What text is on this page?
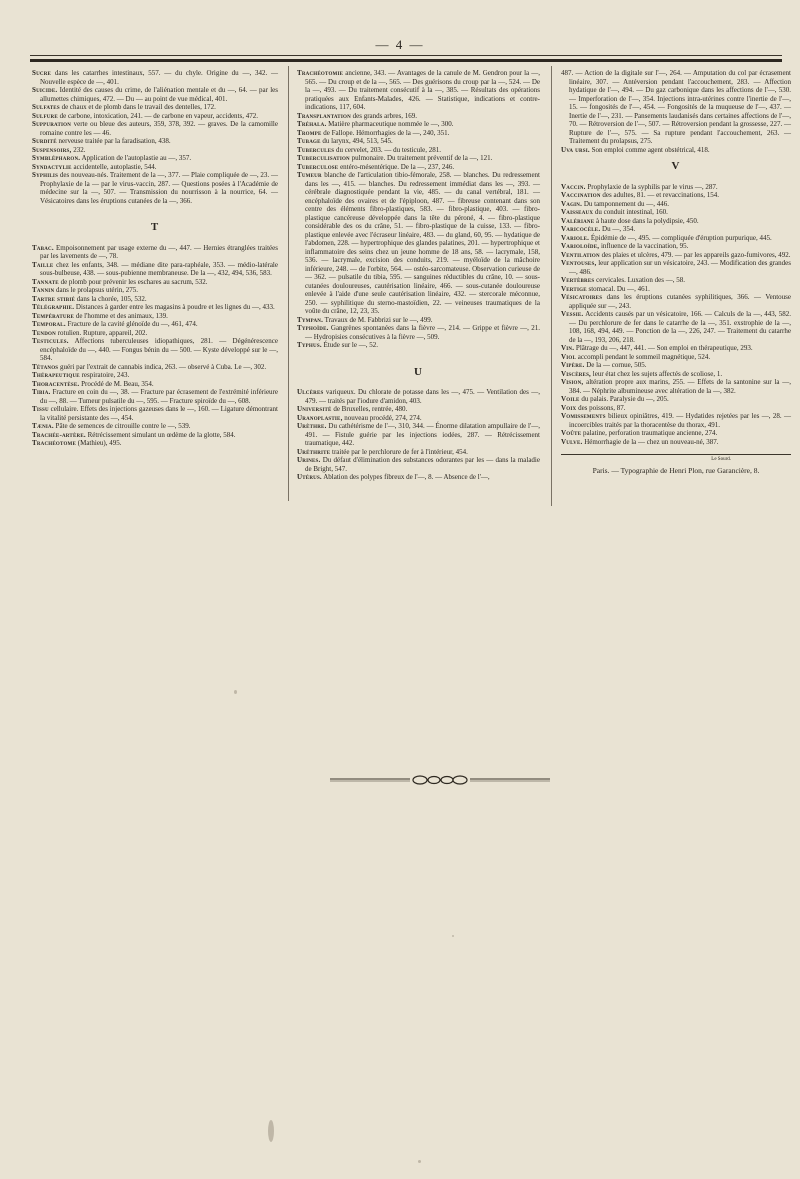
— 4 —

Sucre dans les catarrhes intestinaux, 557. — du chyle. Origine du —, 342. — Nouvelle espèce de —, 401.

Suicide. Identité des causes du crime, de l'aliénation mentale et du —, 64. — par les allumettes chimiques, 472. — Du — au point de vue médical, 401.

Sulfates de chaux et de plomb dans le travail des dentelles, 172.

Sulfure de carbone, intoxication, 241. — de carbone en vapeur, accidents, 472.

Suppuration verte ou bleue des auteurs, 359, 378, 392. — graves. De la camomille romaine contre les — 46.

Surdité nerveuse traitée par la faradisation, 438.

Suspensoirs, 232.

Symblépharon. Application de l'autoplastie au —, 357.

Syndactylie accidentelle, autoplastie, 544.

Syphilis des nouveau-nés. Traitement de la —, 377. — Plaie compliquée de —, 23. — Prophylaxie de la — par le virus-vaccin, 287. — Questions posées à l'Académie de médecine sur la —, 507. — Transmission du nourrisson à la nourrice, 64. — Vésicatoires dans les éruptions cutanées de la —, 366.

T

Tabac. Empoisonnement par usage externe du —, 447. — Hernies étranglées traitées par les lavements de —, 78.

Taille chez les enfants, 348. — médiane dite para-raphéale, 353. — médio-latérale sous-bulbeuse, 438. — sous-pubienne membraneuse. De la —, 432, 494, 536, 583.

Tannate de plomb pour prévenir les eschares au sacrum, 532.

Tannin dans le prolapsus utérin, 275.

Tartre stibié dans la chorée, 105, 532.

Télégraphie. Distances à garder entre les magasins à poudre et les lignes du —, 433.

Température de l'homme et des animaux, 139.

Temporal. Fracture de la cavité glénoïde du —, 461, 474.

Tendon rotulien. Rupture, appareil, 202.

Testicules. Affections tuberculeuses idiopathiques, 281. — Dégénérescence encéphaloïde du —, 440. — Fongus bénin du — 500. — Kyste développé sur le —, 584.

Tétanos guéri par l'extrait de cannabis indica, 263. — observé à Cuba. Le —, 302.

Thérapeutique respiratoire, 243.

Thoracentèse. Procédé de M. Beau, 354.

Tibia. Fracture en coin du —, 38. — Fracture par écrasement de l'extrémité inférieure du —, 88. — Tumeur pulsatile du —, 595. — Fracture spiroïde du —, 608.

Tissu cellulaire. Effets des injections gazeuses dans le —, 160. — Ligature démontrant la vitalité persistante des —, 454.

Tænia. Pâte de semences de citrouille contre le —, 539.

Trachée-artère. Rétrécissement simulant un œdème de la glotte, 584.

Trachéotome (Mathieu), 495.

Trachéotomie ancienne, 343. — Avantages de la canule de M. Gendron pour la —, 565. — Du croup et de la —, 565. — Des guérisons du croup par la —, 524. — De la —, 493. — Du traitement consécutif à la —, 385. — Résultats des opérations pratiquées aux Enfants-Malades, 426. — Statistique, indications et contre-indications, 117, 604.

Transplantation des grands arbres, 169.

Tréhala. Matière pharmaceutique nommée le —, 300.

Trompe de Fallope. Hémorrhagies de la —, 240, 351.

Tubage du larynx, 494, 513, 545.

Tubercules du cervelet, 203. — du testicule, 281.

Tuberculisation pulmonaire. Du traitement préventif de la —, 121.

Tuberculose entéro-mésentérique. De la —, 237, 246.

Tumeur blanche de l'articulation tibio-fémorale, 258. — blanches. Du redressement dans les —, 415. — blanches. Du redressement immédiat dans les —, 393. — cérébrale diagnostiquée pendant la vie, 485. — du canal vertébral, 181. — encéphaloïde des ovaires et de l'épiploon, 487. — fibreuse contenant dans son centre des éléments fibro-plastiques, 583. — fibro-plastique, 403. — fibro-plastique cancéreuse développée dans la tête du péroné, 4. — fibro-plastique considérable des os du crâne, 51. — fibro-plastique de la cuisse, 133. — fibro-plastique enlevée avec l'écraseur linéaire, 483. — du gland, 60, 95. — hydatique de l'abdomen, 228. — hypertrophique des glandes palatines, 201. — hypertrophique et inflammatoire des seins chez un jeune homme de 18 ans, 58. — lacrymale, 158, 536. — lacrymale, excision des conduits, 219. — myéloïde de la mâchoire inférieure, 248. — de l'orbite, 564. — ostéo-sarcomateuse. Observation curieuse de — 362. — pulsatile du tibia, 595. — sanguines réductibles du crâne, 10. — sous-cutanées douloureuses, cautérisation linéaire, 466. — sous-cutanée douloureuse enlevée à l'aide d'une seule cautérisation linéaire, 432. — stercorale méconnue, 250. — syphilitique du sterno-mastoïdien, 22. — veineuses traumatiques de la voûte du crâne, 12, 23, 35.

Tympan. Travaux de M. Fabbrizi sur le —, 499.

Typhoïde. Gangrènes spontanées dans la fièvre —, 214. — Grippe et fièvre —, 21. — Hydropisies consécutives à la fièvre —, 509.

Typhus. Étude sur le —, 52.

U

Ulcères variqueux. Du chlorate de potasse dans les —, 475. — Ventilation des —, 479. — traités par l'iodure d'amidon, 403.

Université de Bruxelles, rentrée, 480.

Uranoplastie, nouveau procédé, 274, 274.

Urèthre. Du cathétérisme de l'—, 310, 344. — Énorme dilatation ampullaire de l'—, 491. — Fistule guérie par les injections iodées, 287. — Rétrécissement traumatique, 442.

Uréthrite traitée par le perchlorure de fer à l'intérieur, 454.

Urines. Du défaut d'élimination des substances odorantes par les — dans la maladie de Bright, 547.

Utérus. Ablation des polypes fibreux de l'—, 8. — Absence de l'—,

487. — Action de la digitale sur l'—, 264. — Amputation du col par écrasement linéaire, 307. — Antéversion pendant l'accouchement, 283. — Affection hydatique de l'—, 494. — Du gaz carbonique dans les affections de l'—, 530. — Imperforation de l'—, 354. Injections intra-utérines contre l'inertie de l'—, 15. — fongosités de l'—, 454. — Fongosités de la muqueuse de l'—, 437. — Inertie de l'—, 231. — Pansements laudanisés dans certaines affections de l'—, 70. — Rétroversion de l'—, 507. — Rétroversion pendant la grossesse, 227. — Rupture de l'—, 575. — Sa rupture pendant l'accouchement, 263. — Traitement du prolapsus, 275.

Uva ursi. Son emploi comme agent obstétrical, 418.

V

Vaccin. Prophylaxie de la syphilis par le virus —, 287.

Vaccination des adultes, 81. — et revaccinations, 154.

Vagin. Du tamponnement du —, 446.

Vaisseaux du conduit intestinal, 160.

Valériane à haute dose dans la polydipsie, 450.

Varicocèle. Du —, 354.

Variole. Épidémie de —, 495. — compliquée d'éruption purpurique, 445.

Varioloïde, influence de la vaccination, 95.

Ventilation des plaies et ulcères, 479. — par les appareils gazo-fumivores, 492.

Ventouses, leur application sur un vésicatoire, 243. — Modification des grandes —, 486.

Vertèbres cervicales. Luxation des —, 58.

Vertige stomacal. Du —, 461.

Vésicatoires dans les éruptions cutanées syphilitiques, 366. — Ventouse appliquée sur —, 243.

Vessie. Accidents causés par un vésicatoire, 166. — Calculs de la —, 443, 582. — Du perchlorure de fer dans le catarrhe de la —, 351. exstrophie de la —, 108, 168, 494, 449. — Ponction de la —, 226, 247. — Traitement du catarrhe de la —, 193, 206, 218.

Vin. Plâtrage du —, 447, 441. — Son emploi en thérapeutique, 293.

Viol accompli pendant le sommeil magnétique, 524.

Vipère. De la — cornue, 505.

Viscères, leur état chez les sujets affectés de scoliose, 1.

Vision, altération propre aux marins, 255. — Effets de la santonine sur la —, 384. — Néphrite albumineuse avec altération de la —, 382.

Voile du palais. Paralysie du —, 205.

Voix des poissons, 87.

Vomissements bilieux opiniâtres, 419. — Hydatides rejetées par les —, 28. — incoercibles traités par la thoracentèse du thorax, 491.

Voûte palatine, perforation traumatique ancienne, 274.

Vulve. Hémorrhagie de la — chez un nouveau-né, 387.

Le Sourd.
Paris. — Typographie de Henri Plon, rue Garancière, 8.
